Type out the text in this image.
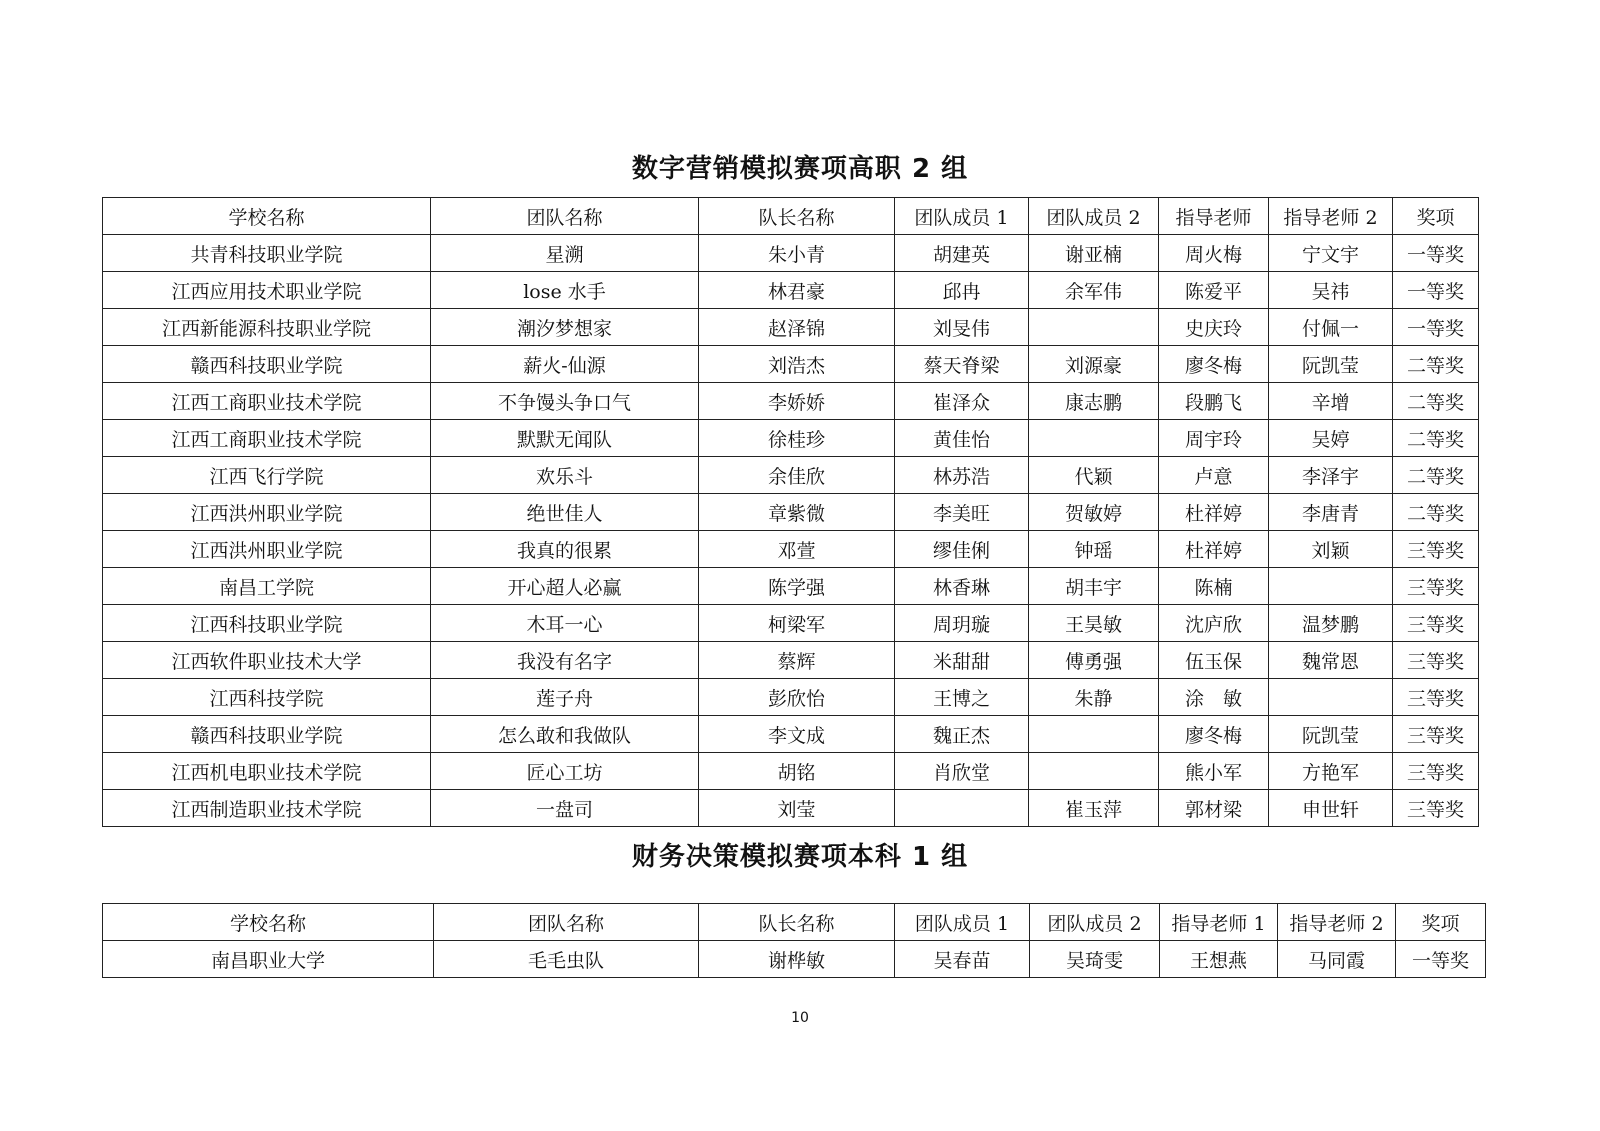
数字营销模拟赛项高职 2 组
学校名称	团队名称	队长名称	团队成员 1	团队成员 2	指导老师	指导老师 2	奖项
共青科技职业学院	星溯	朱小青	胡建英	谢亚楠	周火梅	宁文宇	一等奖
江西应用技术职业学院	lose 水手	林君豪	邱冉	余军伟	陈爱平	吴祎	一等奖
江西新能源科技职业学院	潮汐梦想家	赵泽锦	刘旻伟		史庆玲	付佩一	一等奖
赣西科技职业学院	薪火-仙源	刘浩杰	蔡天脊梁	刘源豪	廖冬梅	阮凯莹	二等奖
江西工商职业技术学院	不争馒头争口气	李娇娇	崔泽众	康志鹏	段鹏飞	辛增	二等奖
江西工商职业技术学院	默默无闻队	徐桂珍	黄佳怡		周宇玲	吴婷	二等奖
江西飞行学院	欢乐斗	余佳欣	林苏浩	代颖	卢意	李泽宇	二等奖
江西洪州职业学院	绝世佳人	章紫微	李美旺	贺敏婷	杜祥婷	李唐青	二等奖
江西洪州职业学院	我真的很累	邓萱	缪佳俐	钟瑶	杜祥婷	刘颖	三等奖
南昌工学院	开心超人必赢	陈学强	林香琳	胡丰宇	陈楠		三等奖
江西科技职业学院	木耳一心	柯梁军	周玥璇	王昊敏	沈庐欣	温梦鹏	三等奖
江西软件职业技术大学	我没有名字	蔡辉	米甜甜	傅勇强	伍玉保	魏常恩	三等奖
江西科技学院	莲子舟	彭欣怡	王博之	朱静	涂　敏		三等奖
赣西科技职业学院	怎么敢和我做队	李文成	魏正杰		廖冬梅	阮凯莹	三等奖
江西机电职业技术学院	匠心工坊	胡铭	肖欣堂		熊小军	方艳军	三等奖
江西制造职业技术学院	一盘司	刘莹		崔玉萍	郭材梁	申世轩	三等奖
财务决策模拟赛项本科 1 组
学校名称	团队名称	队长名称	团队成员 1	团队成员 2	指导老师 1	指导老师 2	奖项
南昌职业大学	毛毛虫队	谢桦敏	吴春苗	吴琦雯	王想燕	马同霞	一等奖
10
